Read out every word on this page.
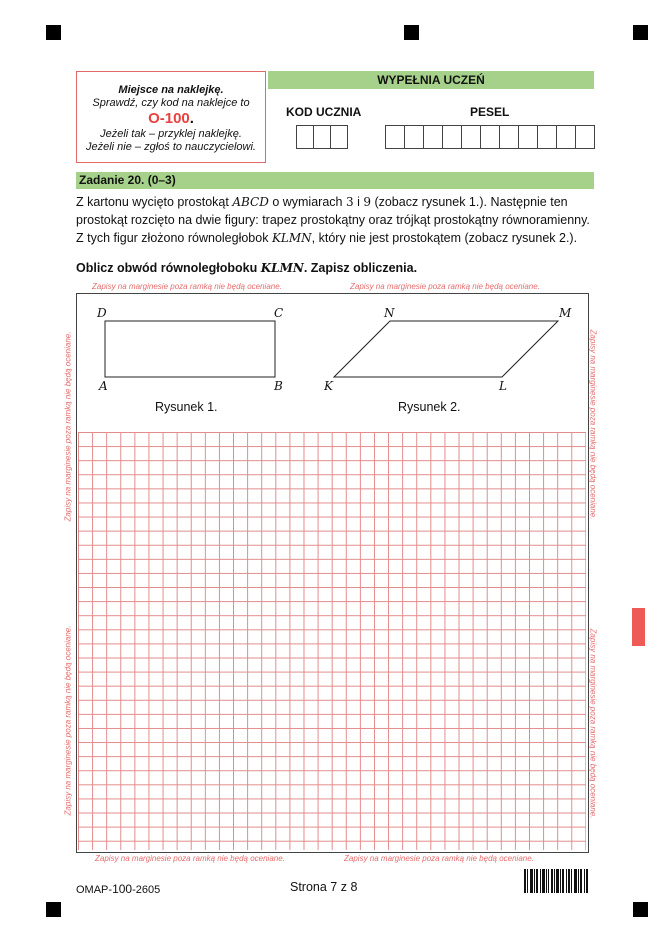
Miejsce na naklejkę.
Sprawdź, czy kod na naklejce to
O-100.
Jeżeli tak – przyklej naklejkę.
Jeżeli nie – zgłoś to nauczycielowi.
WYPEŁNIA UCZEŃ
KOD UCZNIA	PESEL
Zadanie 20. (0–3)
Z kartonu wycięto prostokąt ABCD o wymiarach 3 i 9 (zobacz rysunek 1.). Następnie ten
prostokąt rozcięto na dwie figury: trapez prostokątny oraz trójkąt prostokątny równoramienny.
Z tych figur złożono równoległobok KLMN, który nie jest prostokątem (zobacz rysunek 2.).
Oblicz obwód równoległoboku KLMN. Zapisz obliczenia.
Zapisy na marginesie poza ramką nie będą oceniane.	Zapisy na marginesie poza ramką nie będą oceniane.
D	C
A	B
Rysunek 1.
N	M
K	L
Rysunek 2.
Zapisy na marginesie poza ramką nie będą oceniane.	Zapisy na marginesie poza ramką nie będą oceniane.
Zapisy na marginesie poza ramką nie będą oceniane.
Zapisy na marginesie poza ramką nie będą oceniane.
Zapisy na marginesie poza ramką nie będą oceniane.
Zapisy na marginesie poza ramką nie będą oceniane.
OMAP-100-2605	Strona 7 z 8
